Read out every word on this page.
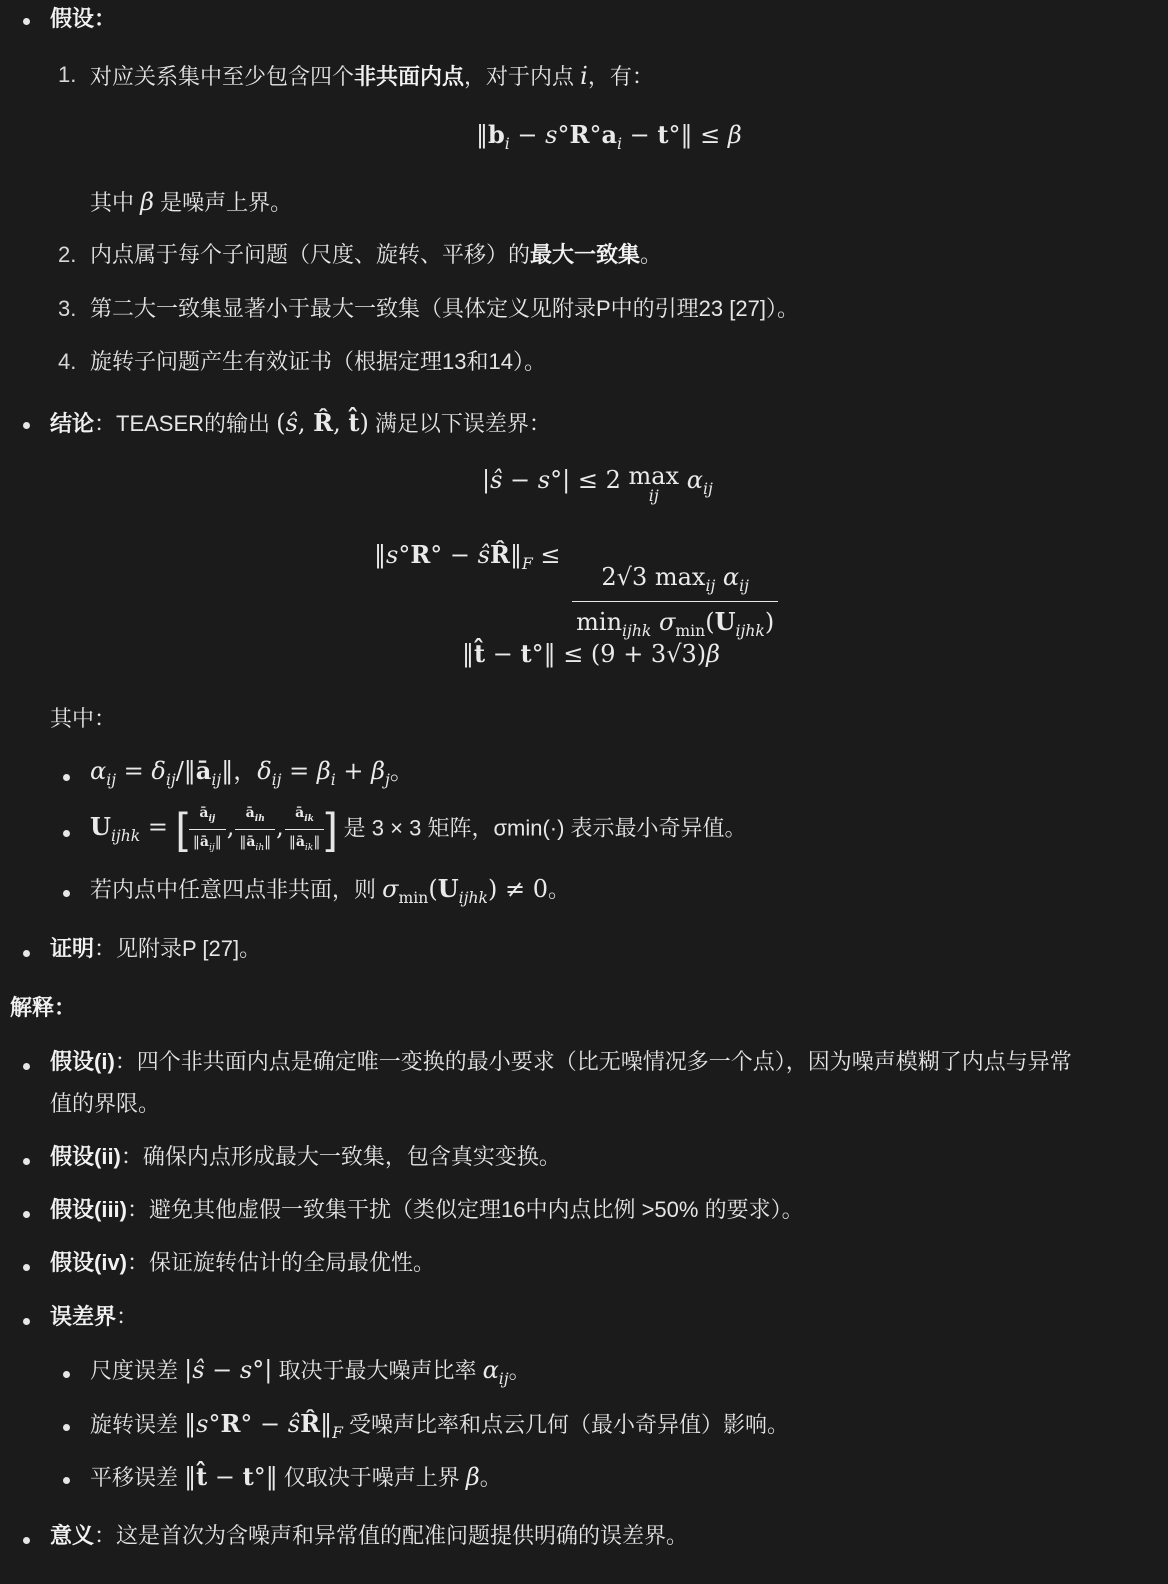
假设：
1. 对应关系集中至少包含四个非共面内点，对于内点 i，有：
$‖b_i - s^\circ R^\circ a_i$ − t°‖ ≤ β
其中 β 是噪声上界。
2. 内点属于每个子问题（尺度、旋转、平移）的最大一致集。
3. 第二大一致集显著小于最大一致集（具体定义见附录P中的引理23 [27]）。
4. 旋转子问题产生有效证书（根据定理13和14）。
结论：TEASER的输出 (ŝ, R̂, t̂) 满足以下误差界：
|ŝ − s°| ≤ 2 max
ij
$\alpha_{ij}$
‖s°R° − $ŝR̂‖_F$ ≤
$\frac{2√3 \max_{ij} \alpha_{ij}}{\min_{ijhk} \sigma_{min}(U_{ijhk})}$
‖t̂ − t°‖ ≤ (9 + 3√3)β
其中：
$\alpha_{ij}$ = $\delta_{ij}/‖ā_{ij}‖$，$\delta_{ij} = \beta_i + \beta_j$。
$U_{ijhk}$ = [ $\frac{ā_{ij}}{‖ā_{ij}‖}$ , $\frac{ā_{ih}}{‖ā_{ih}‖}$ , $\frac{ā_{ik}}{‖ā_{ik}‖}$ ] 是 3 × 3 矩阵，σmin(·) 表示最小奇异值。
若内点中任意四点非共面，则 $\sigma_{min}(U_{ijhk}) \ne 0$。
证明：见附录P [27]。
解释：
假设(i)：四个非共面内点是确定唯一变换的最小要求（比无噪情况多一个点），因为噪声模糊了内点与异常
值的界限。
假设(ii)：确保内点形成最大一致集，包含真实变换。
假设(iii)：避免其他虚假一致集干扰（类似定理16中内点比例 >50% 的要求）。
假设(iv)：保证旋转估计的全局最优性。
误差界：
尺度误差 |ŝ − s°| 取决于最大噪声比率 $\alpha_{ij}$。
旋转误差 ‖s°R° − $ŝR̂‖_F$ 受噪声比率和点云几何（最小奇异值）影响。
平移误差 ‖t̂ − t°‖ 仅取决于噪声上界 β。
意义：这是首次为含噪声和异常值的配准问题提供明确的误差界。
